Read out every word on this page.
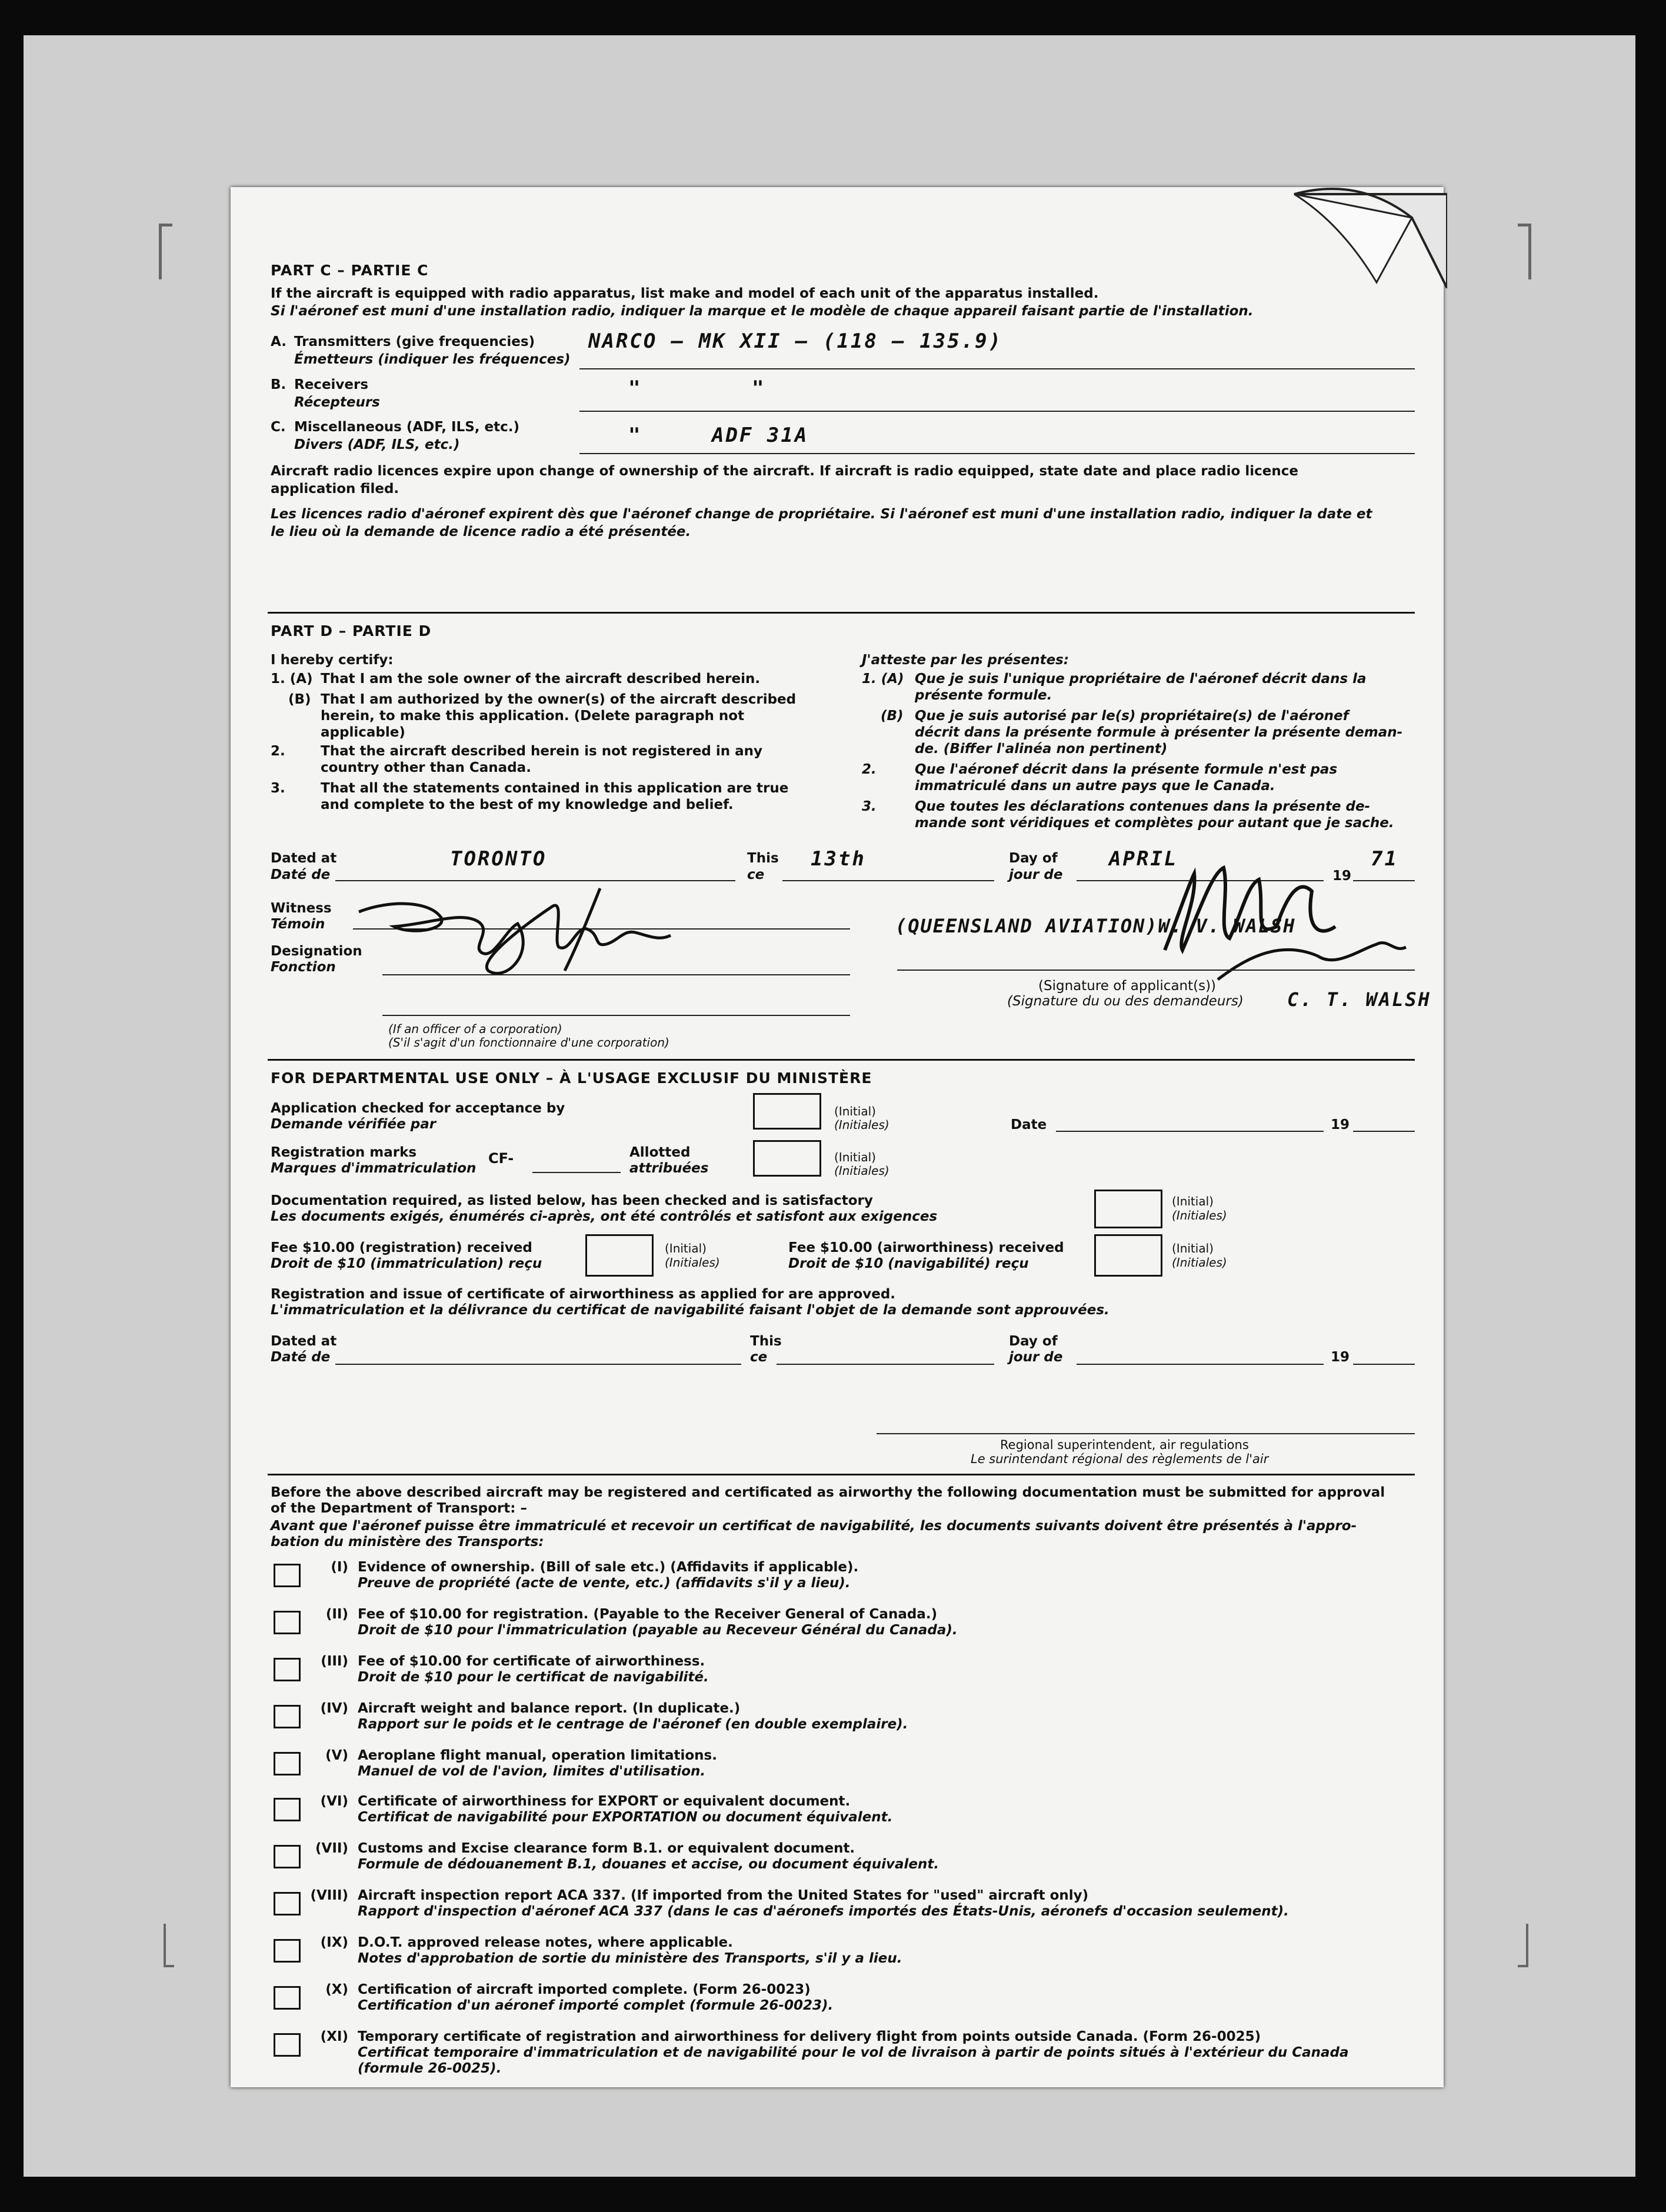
PART C – PARTIE C
If the aircraft is equipped with radio apparatus, list make and model of each unit of the apparatus installed.
Si l'aéronef est muni d'une installation radio, indiquer la marque et le modèle de chaque appareil faisant partie de l'installation.
A. Transmitters (give frequencies)
Émetteurs (indiquer les fréquences)
NARCO – MK XII – (118 – 135.9)
B. Receivers
Récepteurs
"	"
C. Miscellaneous (ADF, ILS, etc.)
Divers (ADF, ILS, etc.)	"	ADF 31A
Aircraft radio licences expire upon change of ownership of the aircraft. If aircraft is radio equipped, state date and place radio licence
application filed.
Les licences radio d'aéronef expirent dès que l'aéronef change de propriétaire. Si l'aéronef est muni d'une installation radio, indiquer la date et
le lieu où la demande de licence radio a été présentée.
PART D – PARTIE D
I hereby certify:
1. (A) That I am the sole owner of the aircraft described herein.
(B) That I am authorized by the owner(s) of the aircraft described
herein, to make this application. (Delete paragraph not
applicable)
2.	That the aircraft described herein is not registered in any
country other than Canada.
3.	That all the statements contained in this application are true
and complete to the best of my knowledge and belief.
J'atteste par les présentes:
1. (A) Que je suis l'unique propriétaire de l'aéronef décrit dans la
présente formule.
(B) Que je suis autorisé par le(s) propriétaire(s) de l'aéronef
décrit dans la présente formule à présenter la présente deman-
de. (Biffer l'alinéa non pertinent)
2.	Que l'aéronef décrit dans la présente formule n'est pas
immatriculé dans un autre pays que le Canada.
3.	Que toutes les déclarations contenues dans la présente de-
mande sont véridiques et complètes pour autant que je sache.
Dated at
Daté de
TORONTO	This
ce
13th	Day of
jour de
APRIL
19
71
Witness
Témoin
Designation
Fonction
(If an officer of a corporation)
(S'il s'agit d'un fonctionnaire d'une corporation)
(QUEENSLAND AVIATION)W. V. WALSH
(Signature of applicant(s))
(Signature du ou des demandeurs) C. T. WALSH
FOR DEPARTMENTAL USE ONLY – À L'USAGE EXCLUSIF DU MINISTÈRE
Application checked for acceptance by
Demande vérifiée par
(Initial)
(Initiales)	Date	19
Registration marks
Marques d'immatriculation
CF-	Allotted
attribuées
(Initial)
(Initiales)
Documentation required, as listed below, has been checked and is satisfactory
Les documents exigés, énumérés ci-après, ont été contrôlés et satisfont aux exigences
(Initial)
(Initiales)
Fee $10.00 (registration) received
Droit de $10 (immatriculation) reçu
(Initial)
(Initiales)
Fee $10.00 (airworthiness) received
Droit de $10 (navigabilité) reçu
(Initial)
(Initiales)
Registration and issue of certificate of airworthiness as applied for are approved.
L'immatriculation et la délivrance du certificat de navigabilité faisant l'objet de la demande sont approuvées.
Dated at
Daté de
This
ce
Day of
jour de	19
Regional superintendent, air regulations
Le surintendant régional des règlements de l'air
Before the above described aircraft may be registered and certificated as airworthy the following documentation must be submitted for approval
of the Department of Transport: –
Avant que l'aéronef puisse être immatriculé et recevoir un certificat de navigabilité, les documents suivants doivent être présentés à l'appro-
bation du ministère des Transports:
(I) Evidence of ownership. (Bill of sale etc.) (Affidavits if applicable).
Preuve de propriété (acte de vente, etc.) (affidavits s'il y a lieu).
(II) Fee of $10.00 for registration. (Payable to the Receiver General of Canada.)
Droit de $10 pour l'immatriculation (payable au Receveur Général du Canada).
(III) Fee of $10.00 for certificate of airworthiness.
Droit de $10 pour le certificat de navigabilité.
(IV) Aircraft weight and balance report. (In duplicate.)
Rapport sur le poids et le centrage de l'aéronef (en double exemplaire).
(V) Aeroplane flight manual, operation limitations.
Manuel de vol de l'avion, limites d'utilisation.
(VI) Certificate of airworthiness for EXPORT or equivalent document.
Certificat de navigabilité pour EXPORTATION ou document équivalent.
(VII) Customs and Excise clearance form B.1. or equivalent document.
Formule de dédouanement B.1, douanes et accise, ou document équivalent.
(VIII) Aircraft inspection report ACA 337. (If imported from the United States for "used" aircraft only)
Rapport d'inspection d'aéronef ACA 337 (dans le cas d'aéronefs importés des États-Unis, aéronefs d'occasion seulement).
(IX) D.O.T. approved release notes, where applicable.
Notes d'approbation de sortie du ministère des Transports, s'il y a lieu.
(X) Certification of aircraft imported complete. (Form 26-0023)
Certification d'un aéronef importé complet (formule 26-0023).
(XI) Temporary certificate of registration and airworthiness for delivery flight from points outside Canada. (Form 26-0025)
Certificat temporaire d'immatriculation et de navigabilité pour le vol de livraison à partir de points situés à l'extérieur du Canada
(formule 26-0025).
